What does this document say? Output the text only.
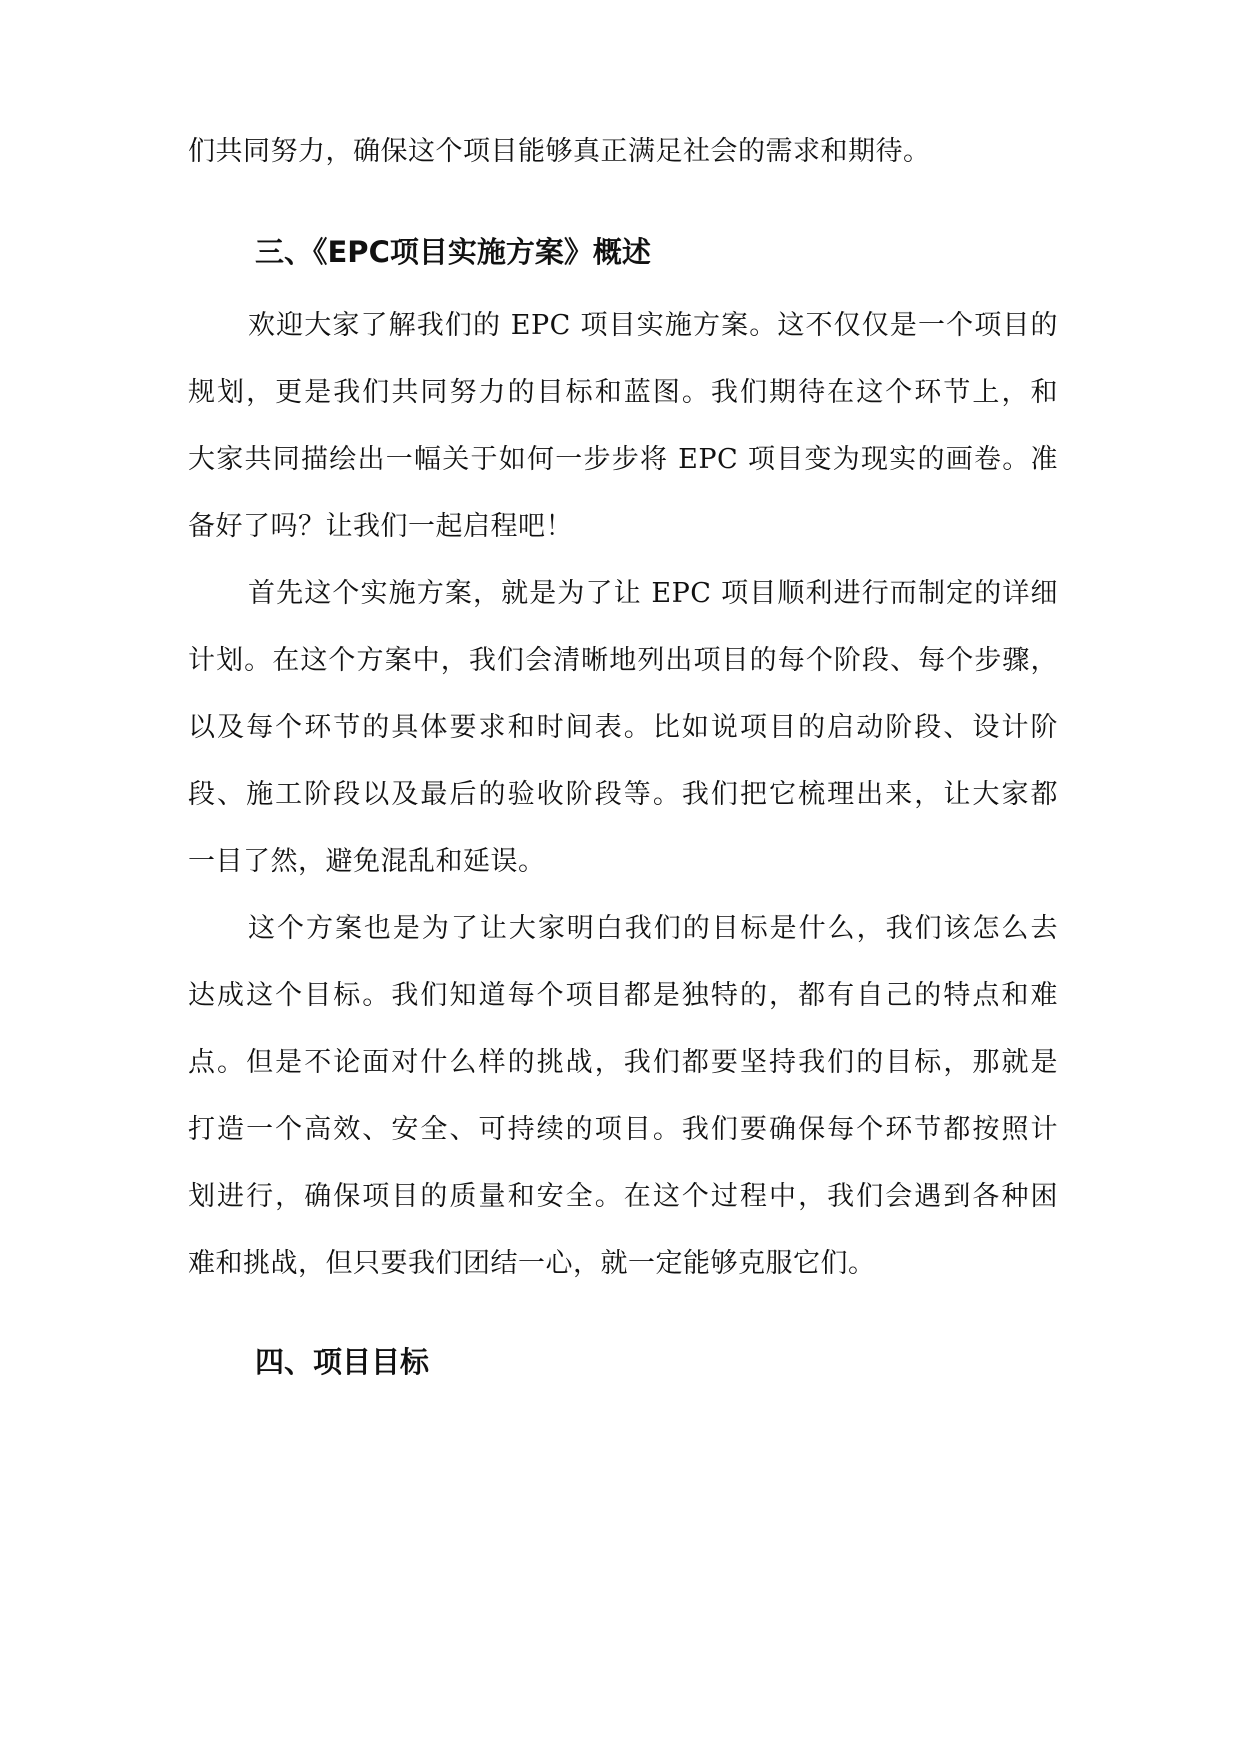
们共同努力，确保这个项目能够真正满足社会的需求和期待。
三、《EPC项目实施方案》概述
欢迎大家了解我们的 EPC 项目实施方案。这不仅仅是一个项目的
规划，更是我们共同努力的目标和蓝图。我们期待在这个环节上，和
大家共同描绘出一幅关于如何一步步将 EPC 项目变为现实的画卷。准
备好了吗？让我们一起启程吧！
首先这个实施方案，就是为了让 EPC 项目顺利进行而制定的详细
计划。在这个方案中，我们会清晰地列出项目的每个阶段、每个步骤，
以及每个环节的具体要求和时间表。比如说项目的启动阶段、设计阶
段、施工阶段以及最后的验收阶段等。我们把它梳理出来，让大家都
一目了然，避免混乱和延误。
这个方案也是为了让大家明白我们的目标是什么，我们该怎么去
达成这个目标。我们知道每个项目都是独特的，都有自己的特点和难
点。但是不论面对什么样的挑战，我们都要坚持我们的目标，那就是
打造一个高效、安全、可持续的项目。我们要确保每个环节都按照计
划进行，确保项目的质量和安全。在这个过程中，我们会遇到各种困
难和挑战，但只要我们团结一心，就一定能够克服它们。
四、项目目标
